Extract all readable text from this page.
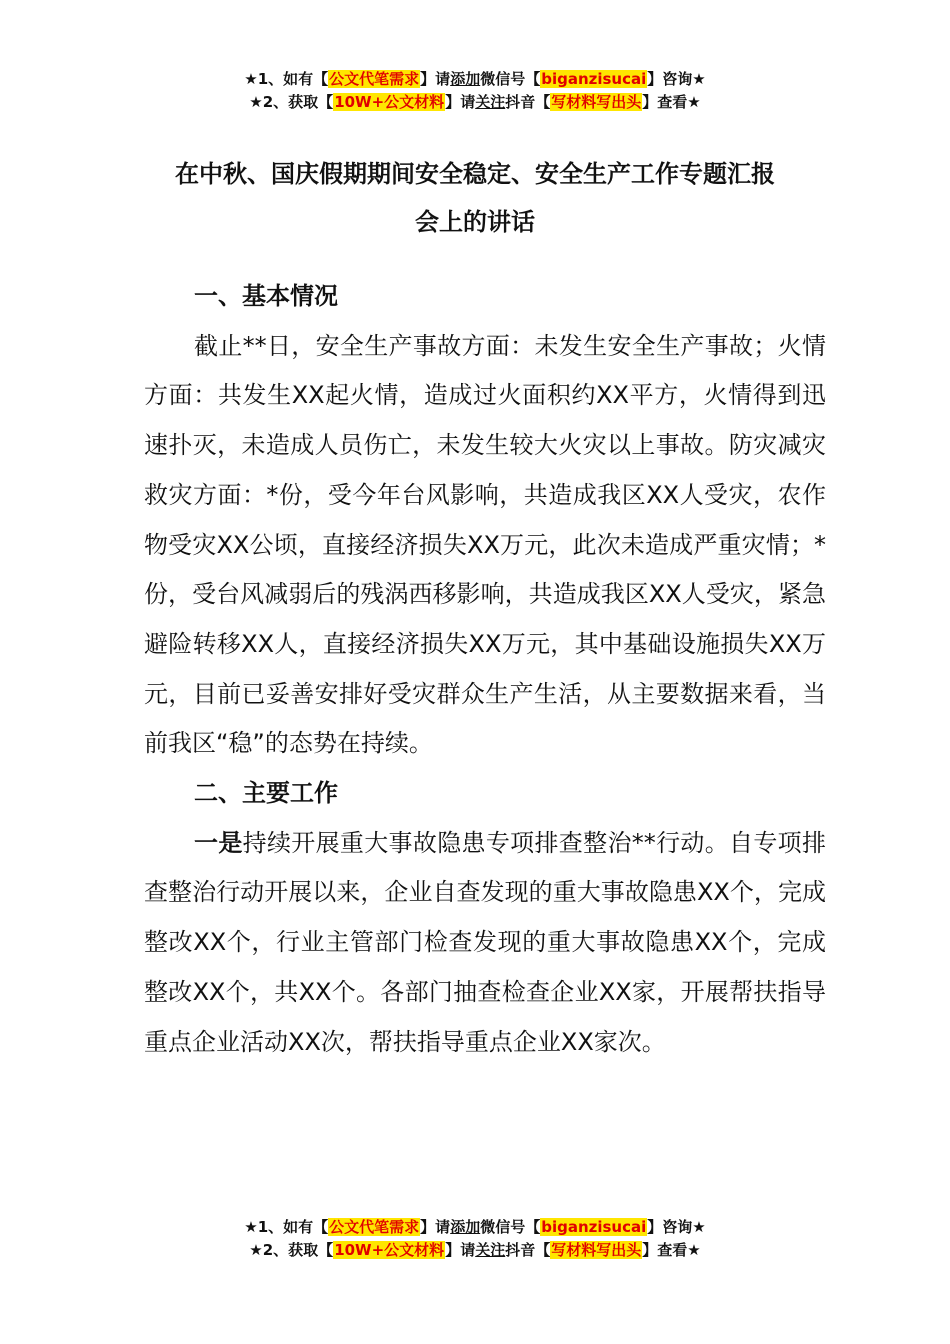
★1、如有【公文代笔需求】请添加微信号【biganzisucai】咨询★
★2、获取【10W+公文材料】请关注抖音【写材料写出头】查看★
在中秋、国庆假期期间安全稳定、安全生产工作专题汇报
会上的讲话
一、基本情况

截止**日，安全生产事故方面：未发生安全生产事故；火情方面：共发生XX起火情，造成过火面积约XX平方，火情得到迅速扑灭，未造成人员伤亡，未发生较大火灾以上事故。防灾减灾救灾方面：*份，受今年台风影响，共造成我区XX人受灾，农作物受灾XX公顷，直接经济损失XX万元，此次未造成严重灾情；*份，受台风减弱后的残涡西移影响，共造成我区XX人受灾，紧急避险转移XX人，直接经济损失XX万元，其中基础设施损失XX万元，目前已妥善安排好受灾群众生产生活，从主要数据来看，当前我区“稳”的态势在持续。

二、主要工作

一是持续开展重大事故隐患专项排查整治**行动。自专项排查整治行动开展以来，企业自查发现的重大事故隐患XX个，完成整改XX个，行业主管部门检查发现的重大事故隐患XX个，完成整改XX个，共XX个。各部门抽查检查企业XX家，开展帮扶指导重点企业活动XX次，帮扶指导重点企业XX家次。

★1、如有【公文代笔需求】请添加微信号【biganzisucai】咨询★
★2、获取【10W+公文材料】请关注抖音【写材料写出头】查看★
